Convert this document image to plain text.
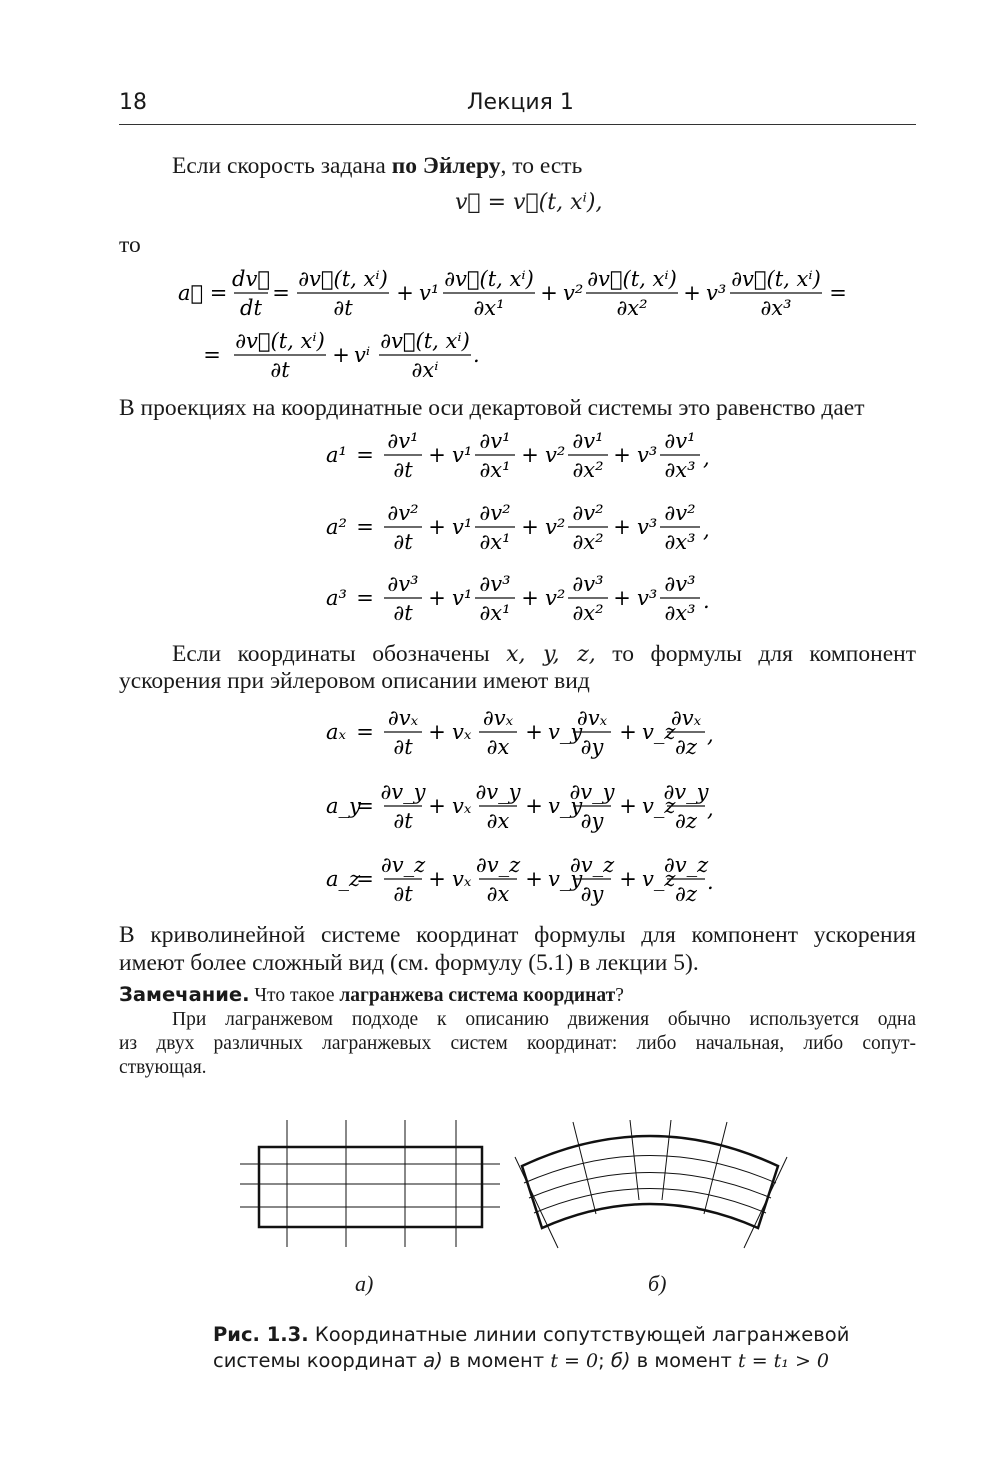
18	Лекция 1
Если скорость задана по Эйлеру, то есть
v⃗ = v⃗(t, xⁱ),
то
a⃗ =
dv⃗
dt
=
∂v⃗(t, xⁱ)
∂t
+ v¹
∂v⃗(t, xⁱ)
∂x¹
+ v²
∂v⃗(t, xⁱ)
∂x²
+ v³
∂v⃗(t, xⁱ)
∂x³
=
=
∂v⃗(t, xⁱ)
∂t
+ vⁱ
∂v⃗(t, xⁱ)
∂xⁱ
.
a¹ =
∂v¹
∂t
+ v¹
∂v¹
∂x¹
+ v²
∂v¹
∂x²
+ v³
∂v¹
∂x³ ,
a² =
∂v²
∂t
+ v¹
∂v²
∂x¹
+ v²
∂v²
∂x²
+ v³
∂v²
∂x³ ,
a³ =
∂v³
∂t
+ v¹
∂v³
∂x¹
+ v²
∂v³
∂x²
+ v³
∂v³
∂x³ .
aₓ =
∂vₓ
∂t
+ vₓ
∂vₓ
∂x
+ v_y
∂vₓ
∂y
+ v_z
∂vₓ
∂z ,
a_y
=
∂v_y
∂t
+ vₓ
∂v_y
∂x
+ v_y
∂v_y
∂y
+ v_z
∂v_y
∂z ,
a_z
=
∂v_z
∂t
+ vₓ
∂v_z
∂x
+ v_y
∂v_z
∂y
+ v_z
∂v_z
∂z .
В проекциях на координатные оси декартовой системы это равенство дает
Если координаты обозначены x, y, z, то формулы для компонент
ускорения при эйлеровом описании имеют вид
В криволинейной системе координат формулы для компонент ускорения
имеют более сложный вид (см. формулу (5.1) в лекции 5).
Замечание. Что такое лагранжева система координат?
При лагранжевом подходе к описанию движения обычно используется одна
из двух различных лагранжевых систем координат: либо начальная, либо сопут-
ствующая.
а)	б)
Рис. 1.3. Координатные линии сопутствующей лагранжевой
системы координат а) в момент t = 0; б) в момент t = t₁ > 0
